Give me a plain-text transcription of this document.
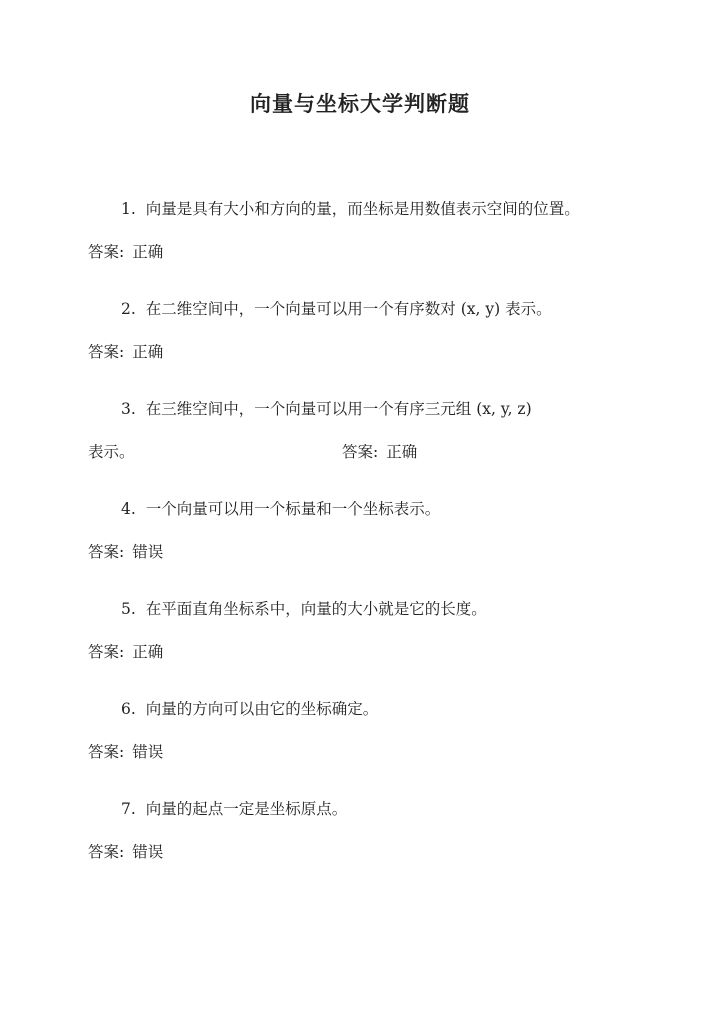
向量与坐标大学判断题
1. 向量是具有大小和方向的量，而坐标是用数值表示空间的位置。
答案: 正确
2. 在二维空间中，一个向量可以用一个有序数对 (x, y) 表示。
答案: 正确
3. 在三维空间中，一个向量可以用一个有序三元组 (x, y, z)
表示。	答案: 正确
4. 一个向量可以用一个标量和一个坐标表示。
答案: 错误
5. 在平面直角坐标系中，向量的大小就是它的长度。
答案: 正确
6. 向量的方向可以由它的坐标确定。
答案: 错误
7. 向量的起点一定是坐标原点。
答案: 错误
